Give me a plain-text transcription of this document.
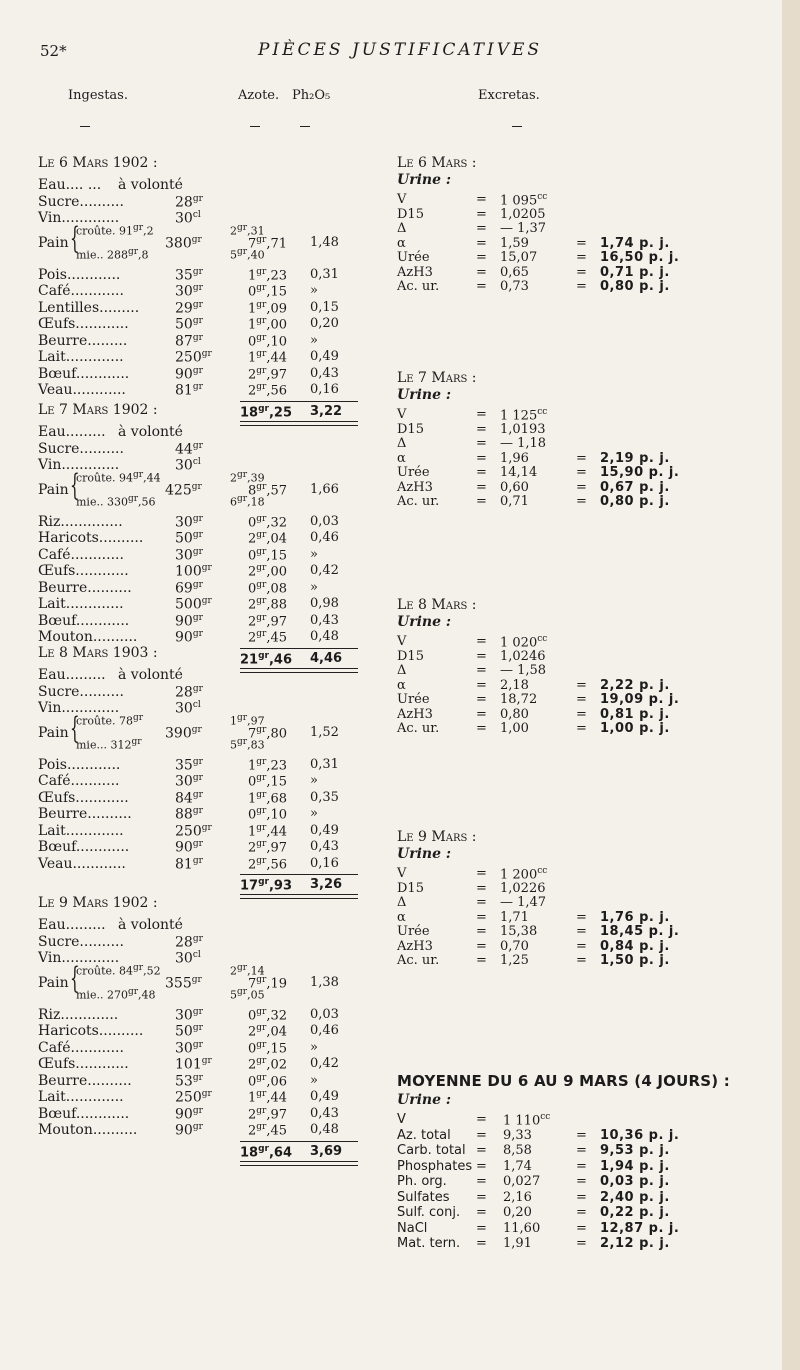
52*	PIÈCES JUSTIFICATIVES
Ingestas.	Azote. Ph₂O₅	Excretas.
Le 6 Mars 1902 :
Eau.... ... à volonté
Sucre..........	$28^{gr}$
Vin.............	$30^{cl}$
croûte. $91^{gr},2$	$2^{gr},31$
Pain {	$380^{gr}$	$7^{gr},71$ 1,48
mie.. $288^{gr},8$	$5^{gr},40$
Pois............	$35^{gr}$	$1^{gr},23$ 0,31
Café............	$30^{gr}$	$0^{gr},15$ »
Lentilles.........	$29^{gr}$	$1^{gr},09$ 0,15
Œufs............	$50^{gr}$	$1^{gr},00$ 0,20
Beurre.........	$87^{gr}$	$0^{gr},10$ »
Lait.............	$250^{gr}$	$1^{gr},44$ 0,49
Bœuf............	$90^{gr}$	$2^{gr},97$ 0,43
Veau............	$81^{gr}$	$2^{gr},56$ 0,16
$18^{gr},25$ 3,22
Le 7 Mars 1902 :
Eau......... à volonté
Sucre..........	$44^{gr}$
Vin.............	$30^{cl}$
croûte. $94^{gr},44$	$2^{gr},39$
Pain {	$425^{gr}$	$8^{gr},57$ 1,66
mie.. $330^{gr},56$	$6^{gr},18$
Riz..............	$30^{gr}$	$0^{gr},32$ 0,03
Haricots.......... $50^{gr}$	$2^{gr},04$ 0,46
Café............	$30^{gr}$	$0^{gr},15$ »
Œufs............	$100^{gr}$	$2^{gr},00$ 0,42
Beurre..........	$69^{gr}$	$0^{gr},08$ »
Lait.............	$500^{gr}$	$2^{gr},88$ 0,98
Bœuf............	$90^{gr}$	$2^{gr},97$ 0,43
Mouton..........	$90^{gr}$	$2^{gr},45$ 0,48
$21^{gr},46$ 4,46
Le 8 Mars 1903 :
Eau......... à volonté
Sucre..........	$28^{gr}$
Vin.............	$30^{cl}$
croûte. $78^{gr}$	$1^{gr},97$
Pain {	$390^{gr}$	$7^{gr},80$ 1,52
mie... $312^{gr}$	$5^{gr},83$
Pois............	$35^{gr}$	$1^{gr},23$ 0,31
Café...........	$30^{gr}$	$0^{gr},15$ »
Œufs............	$84^{gr}$	$1^{gr},68$ 0,35
Beurre..........	$88^{gr}$	$0^{gr},10$ »
Lait.............	$250^{gr}$	$1^{gr},44$ 0,49
Bœuf............	$90^{gr}$	$2^{gr},97$ 0,43
Veau............	$81^{gr}$	$2^{gr},56$ 0,16
$17^{gr},93$ 3,26
Le 9 Mars 1902 :
Eau......... à volonté
Sucre..........	$28^{gr}$
Vin.............	$30^{cl}$
croûte. $84^{gr},52$	$2^{gr},14$
Pain {	$355^{gr}$	$7^{gr},19$ 1,38
mie.. $270^{gr},48$	$5^{gr},05$
Riz.............	$30^{gr}$	$0^{gr},32$ 0,03
Haricots.......... $50^{gr}$	$2^{gr},04$ 0,46
Café............	$30^{gr}$	$0^{gr},15$ »
Œufs............	$101^{gr}$	$2^{gr},02$ 0,42
Beurre..........	$53^{gr}$	$0^{gr},06$ »
Lait.............	$250^{gr}$	$1^{gr},44$ 0,49
Bœuf............	$90^{gr}$	$2^{gr},97$ 0,43
Mouton..........	$90^{gr}$	$2^{gr},45$ 0,48
$18^{gr},64$ 3,69
Le 6 Mars :
Urine :
V	= 1 $095^{cc}$
D15	= 1,0205
Δ	= — 1,37
α	= 1,59	= 1,74 p. j.
Urée	= 15,07	= 16,50 p. j.
AzH3	= 0,65	= 0,71 p. j.
Ac. ur.	= 0,73	= 0,80 p. j.
Le 7 Mars :
Urine :
V	= 1 $125^{cc}$
D15	= 1,0193
Δ	= — 1,18
α	= 1,96	= 2,19 p. j.
Urée	= 14,14	= 15,90 p. j.
AzH3	= 0,60	= 0,67 p. j.
Ac. ur.	= 0,71	= 0,80 p. j.
Le 8 Mars :
Urine :
V	= 1 $020^{cc}$
D15	= 1,0246
Δ	= — 1,58
α	= 2,18	= 2,22 p. j.
Urée	= 18,72	= 19,09 p. j.
AzH3	= 0,80	= 0,81 p. j.
Ac. ur.	= 1,00	= 1,00 p. j.
Le 9 Mars :
Urine :
V	= 1 $200^{cc}$
D15	= 1,0226
Δ	= — 1,47
α	= 1,71	= 1,76 p. j.
Urée	= 15,38	= 18,45 p. j.
AzH3	= 0,70	= 0,84 p. j.
Ac. ur.	= 1,25	= 1,50 p. j.
MOYENNE DU 6 AU 9 MARS (4 JOURS) :
Urine :
V	= 1 $110^{cc}$
Az. total = 9,33	= 10,36 p. j.
Carb. total = 8,58	= 9,53 p. j.
Phosphates = 1,74	= 1,94 p. j.
Ph. org. = 0,027	= 0,03 p. j.
Sulfates = 2,16	= 2,40 p. j.
Sulf. conj. = 0,20	= 0,22 p. j.
NaCl	= 11,60	= 12,87 p. j.
Mat. tern. = 1,91	= 2,12 p. j.
